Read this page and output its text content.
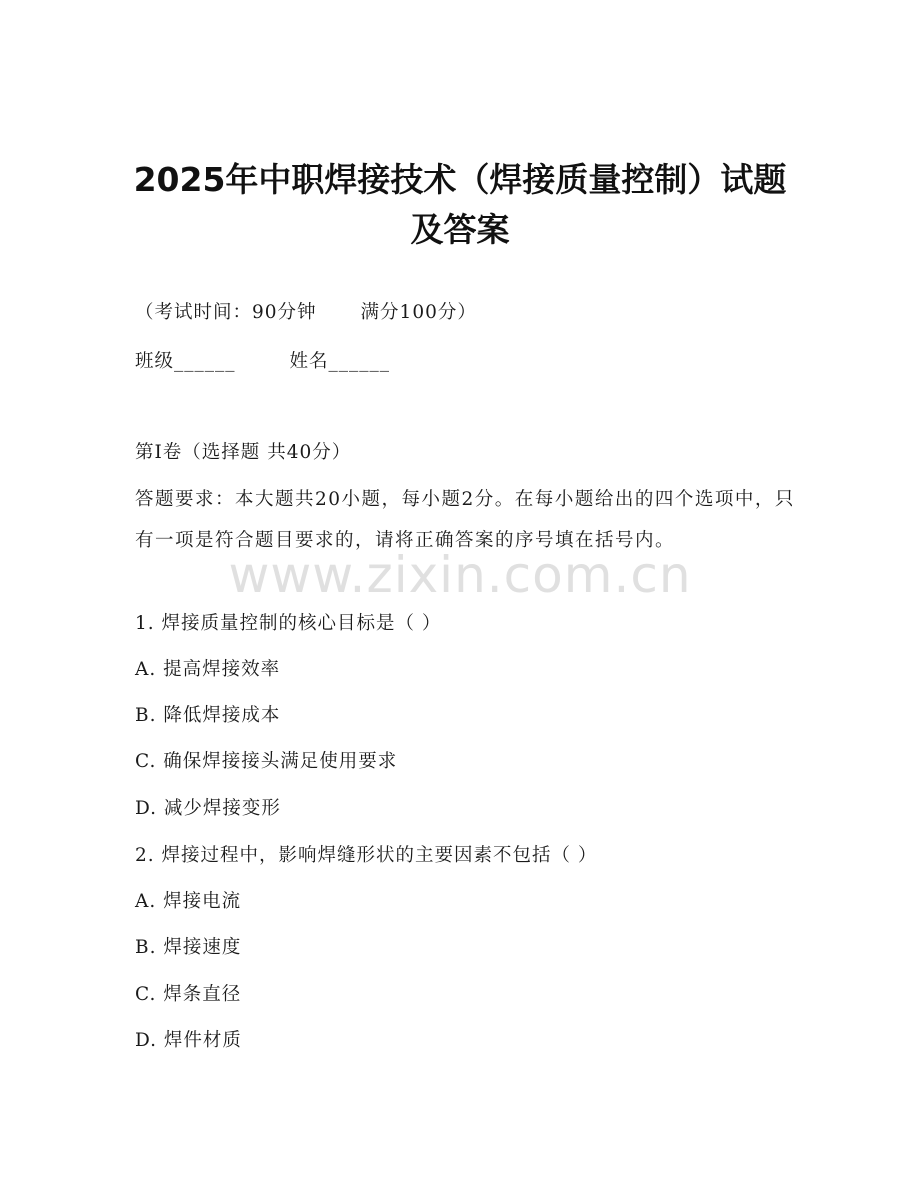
2025年中职焊接技术（焊接质量控制）试题
及答案
（考试时间：90分钟 满分100分）
班级______	姓名______
第I卷（选择题 共40分）
答题要求：本大题共20小题，每小题2分。在每小题给出的四个选项中，只有一项是符合题目要求的，请将正确答案的序号填在括号内。
www.zixin.com.cn
1. 焊接质量控制的核心目标是（ ）
A. 提高焊接效率
B. 降低焊接成本
C. 确保焊接接头满足使用要求
D. 减少焊接变形
2. 焊接过程中，影响焊缝形状的主要因素不包括（ ）
A. 焊接电流
B. 焊接速度
C. 焊条直径
D. 焊件材质
